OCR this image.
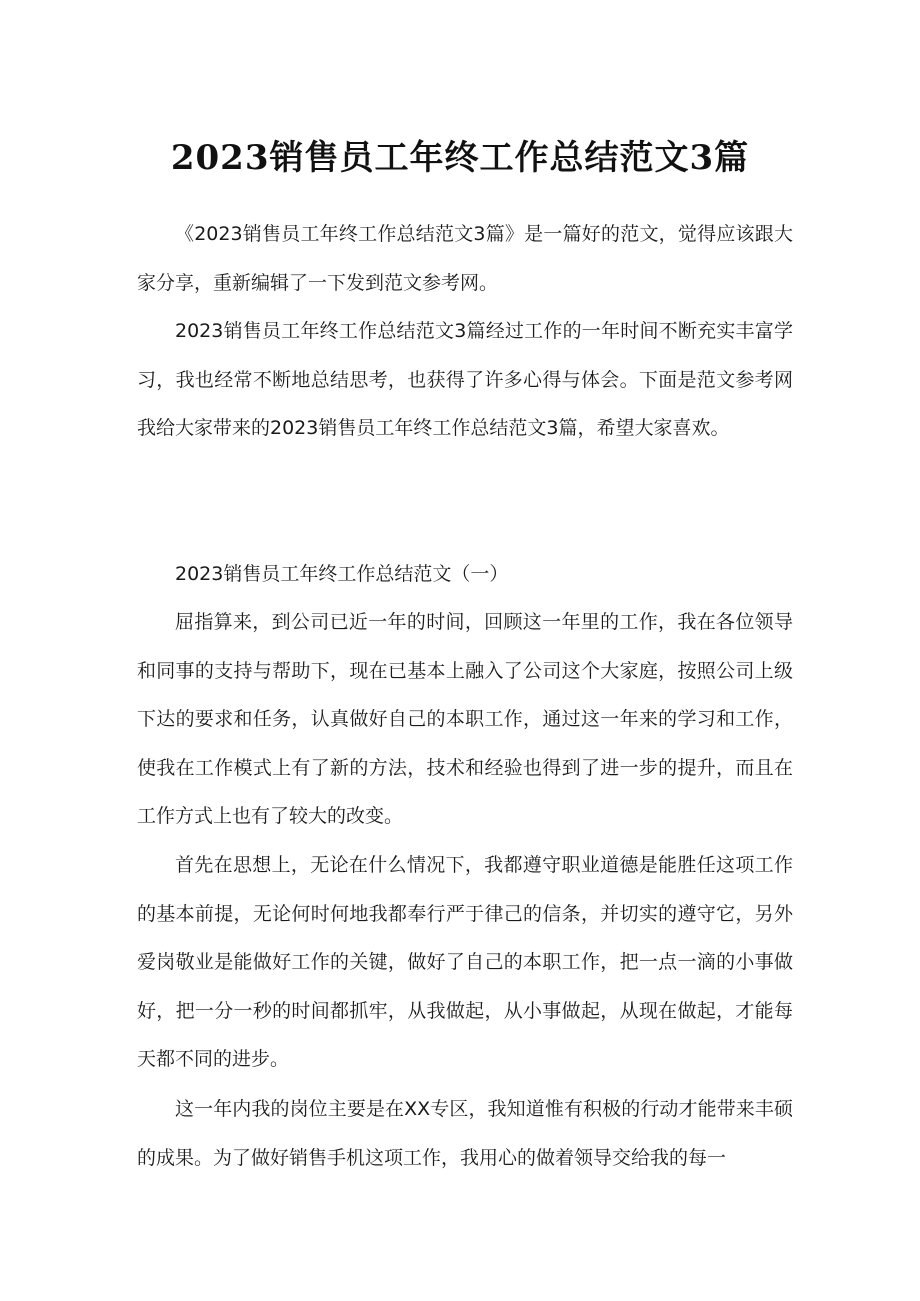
2023销售员工年终工作总结范文3篇

《2023销售员工年终工作总结范文3篇》是一篇好的范文，觉得应该跟大家分享，重新编辑了一下发到范文参考网。

2023销售员工年终工作总结范文3篇经过工作的一年时间不断充实丰富学习，我也经常不断地总结思考，也获得了许多心得与体会。下面是范文参考网我给大家带来的2023销售员工年终工作总结范文3篇，希望大家喜欢。

2023销售员工年终工作总结范文（一）

屈指算来，到公司已近一年的时间，回顾这一年里的工作，我在各位领导和同事的支持与帮助下，现在已基本上融入了公司这个大家庭，按照公司上级下达的要求和任务，认真做好自己的本职工作，通过这一年来的学习和工作，使我在工作模式上有了新的方法，技术和经验也得到了进一步的提升，而且在工作方式上也有了较大的改变。

首先在思想上，无论在什么情况下，我都遵守职业道德是能胜任这项工作的基本前提，无论何时何地我都奉行严于律己的信条，并切实的遵守它，另外爱岗敬业是能做好工作的关键，做好了自己的本职工作，把一点一滴的小事做好，把一分一秒的时间都抓牢，从我做起，从小事做起，从现在做起，才能每天都不同的进步。

这一年内我的岗位主要是在XX专区，我知道惟有积极的行动才能带来丰硕的成果。为了做好销售手机这项工作，我用心的做着领导交给我的每一
